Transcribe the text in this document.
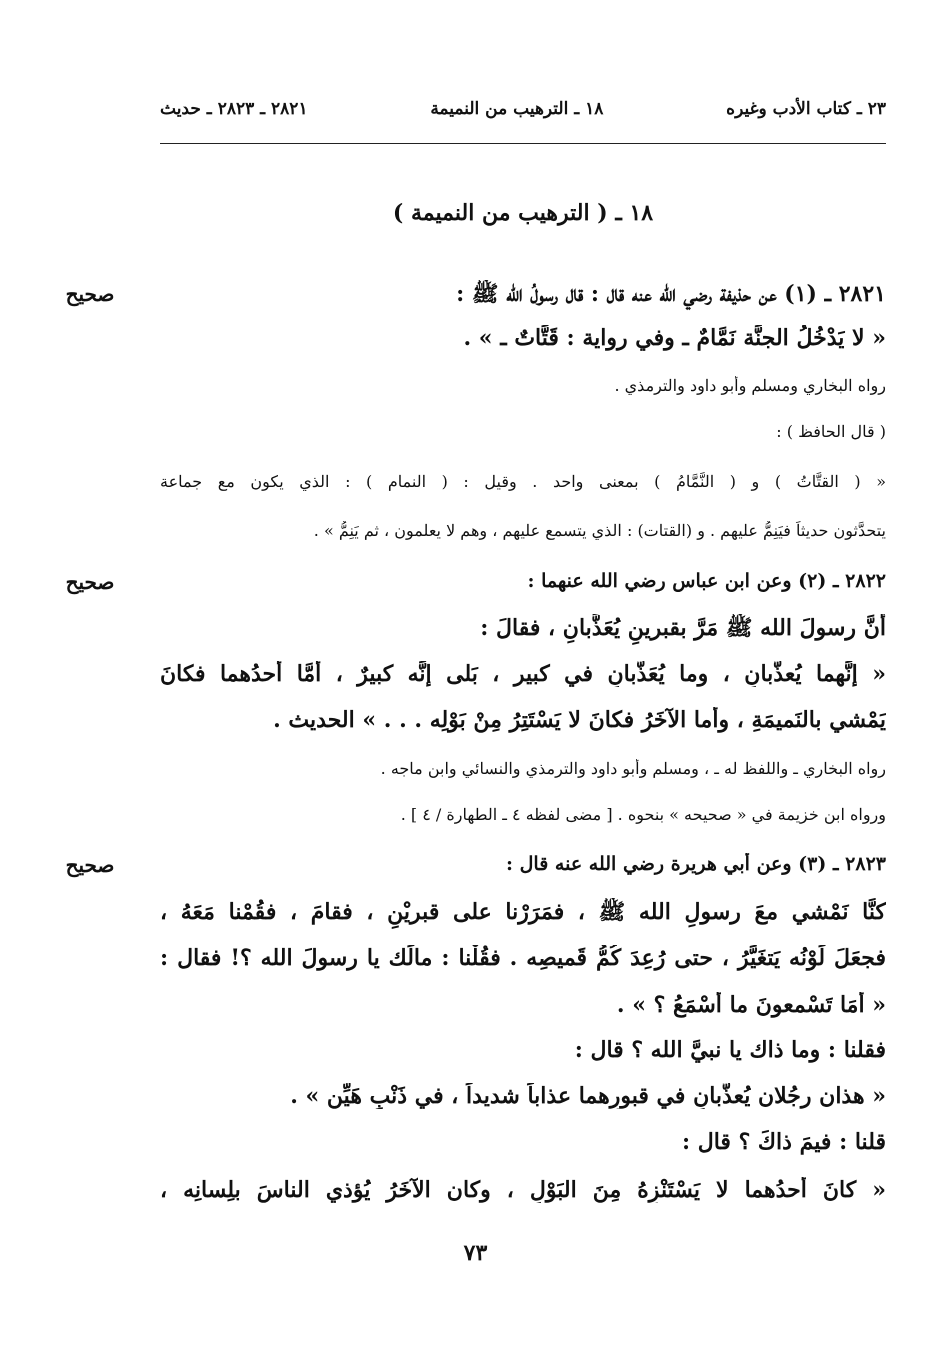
٢٣ ـ كتاب الأدب وغيره
١٨ ـ الترهيب من النميمة
٢٨٢١ ـ ٢٨٢٣ ـ حديث
١٨ ـ ( الترهيب من النميمة )
صحيح	٢٨٢١ ـ (١) عن حذيفة رضي الله عنه قال : قال رسولُ الله ﷺ :
« لا يَدْخُلُ الجنَّة نَمَّامٌ ـ وفي رواية : قَتَّاتٌ ـ » .
رواه البخاري ومسلم وأبو داود والترمذي .
( قال الحافظ ) :
« ( القتَّاتُ ) و ( النَّمَّامُ ) بمعنى واحد . وقيل : ( النمام ) : الذي يكون مع جماعة
يتحدَّثون حديثاً فيَنِمُّ عليهم . و (القتات) : الذي يتسمع عليهم ، وهم لا يعلمون ، ثم يَنِمُّ » .
صحيح	٢٨٢٢ ـ (٢) وعن ابن عباس رضي الله عنهما :
أنَّ رسولَ الله ﷺ مَرَّ بقبرينِ يُعَذَّبانِ ، فقالَ :
« إنَّهما يُعذَّبانِ ، وما يُعَذَّبانِ في كبير ، بَلى إنَّه كبيرٌ ، أمَّا أحدُهما فكانَ
يَمْشي بالنَميمَةِ ، وأما الآخَرُ فكانَ لا يَسْتَتِرُ مِنْ بَوْلِه . . . » الحديث .
رواه البخاري ـ واللفظ له ـ ، ومسلم وأبو داود والترمذي والنسائي وابن ماجه .
ورواه ابن خزيمة في « صحيحه » بنحوه . [ مضى لفظه ٤ ـ الطهارة / ٤ ] .
صحيح	٢٨٢٣ ـ (٣) وعن أبي هريرة رضي الله عنه قال :
كنَّا نَمْشي معَ رسولِ الله ﷺ ، فمَرَرْنا على قبريْنِ ، فقامَ ، فقُمْنا مَعَهُ ،
فجعَلَ لَوْنُه يَتغَيَّرُ ، حتى رُعِدَ كُمُّ قَميصِه . فقُلْنا : مالَك يا رسولَ الله ؟! فقال :
« أمَا تَسْمعونَ ما أسْمَعُ ؟ » .
فقلنا : وما ذاك يا نبيَّ الله ؟ قال :
« هذان رجُلان يُعذَّبانِ في قبورِهما عذاباً شديداً ، في ذَنْبٍ هَيِّنٍ » .
قلنا : فيمَ ذاكَ ؟ قال :
« كانَ أحدُهما لا يَسْتَنْزِهُ مِنَ البَوْلِ ، وكان الآخَرُ يُؤذي الناسَ بلِسانِه ،
٧٣
